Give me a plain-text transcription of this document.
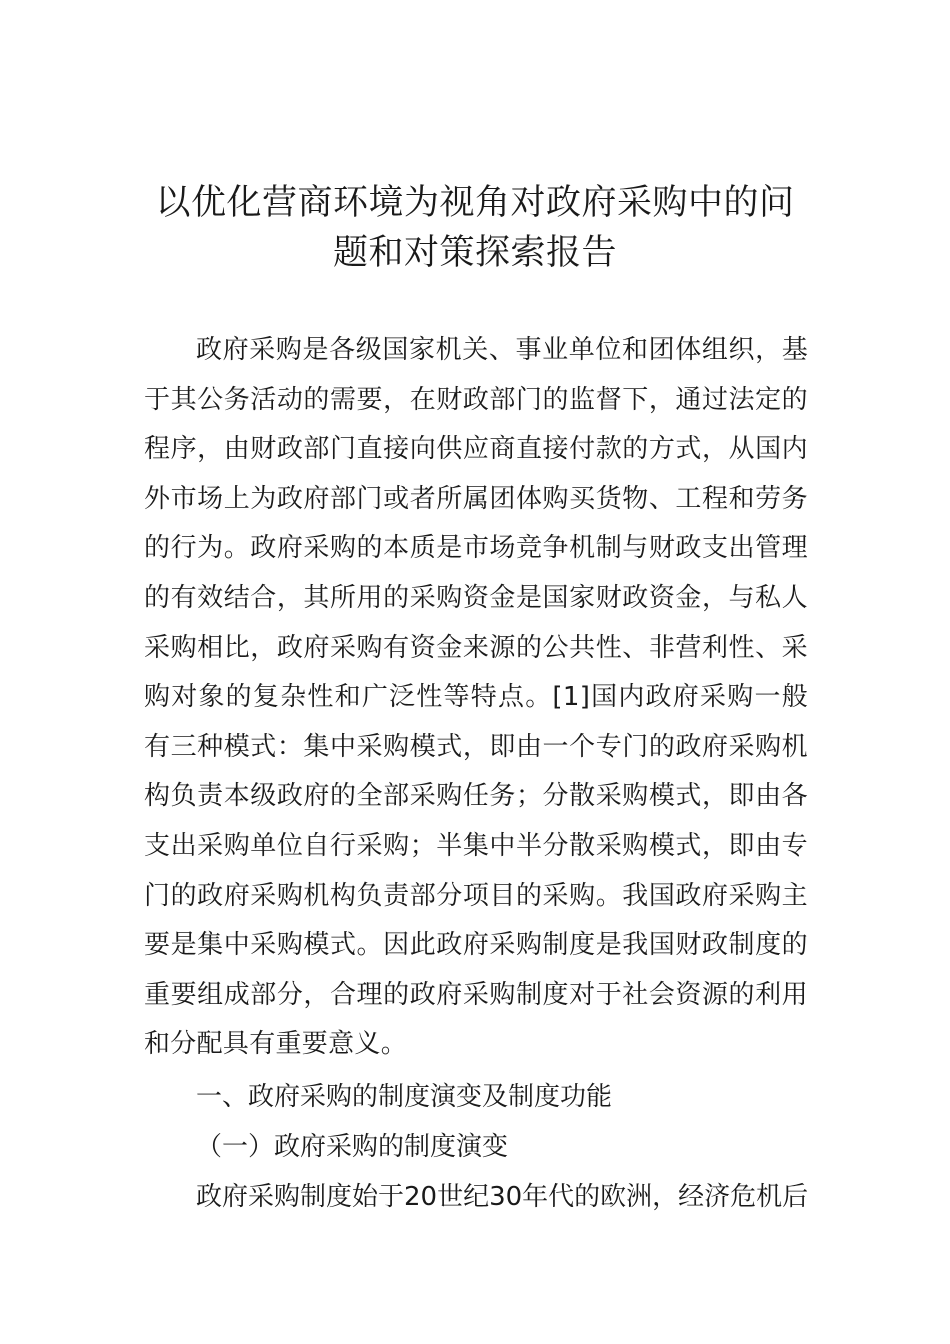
以优化营商环境为视角对政府采购中的问题和对策探索报告

政府采购是各级国家机关、事业单位和团体组织，基于其公务活动的需要，在财政部门的监督下，通过法定的程序，由财政部门直接向供应商直接付款的方式，从国内外市场上为政府部门或者所属团体购买货物、工程和劳务的行为。政府采购的本质是市场竞争机制与财政支出管理的有效结合，其所用的采购资金是国家财政资金，与私人采购相比，政府采购有资金来源的公共性、非营利性、采购对象的复杂性和广泛性等特点。[1]国内政府采购一般有三种模式：集中采购模式，即由一个专门的政府采购机构负责本级政府的全部采购任务；分散采购模式，即由各支出采购单位自行采购；半集中半分散采购模式，即由专门的政府采购机构负责部分项目的采购。我国政府采购主要是集中采购模式。因此政府采购制度是我国财政制度的重要组成部分，合理的政府采购制度对于社会资源的利用和分配具有重要意义。

一、政府采购的制度演变及制度功能

（一）政府采购的制度演变

政府采购制度始于20世纪30年代的欧洲，经济危机后
